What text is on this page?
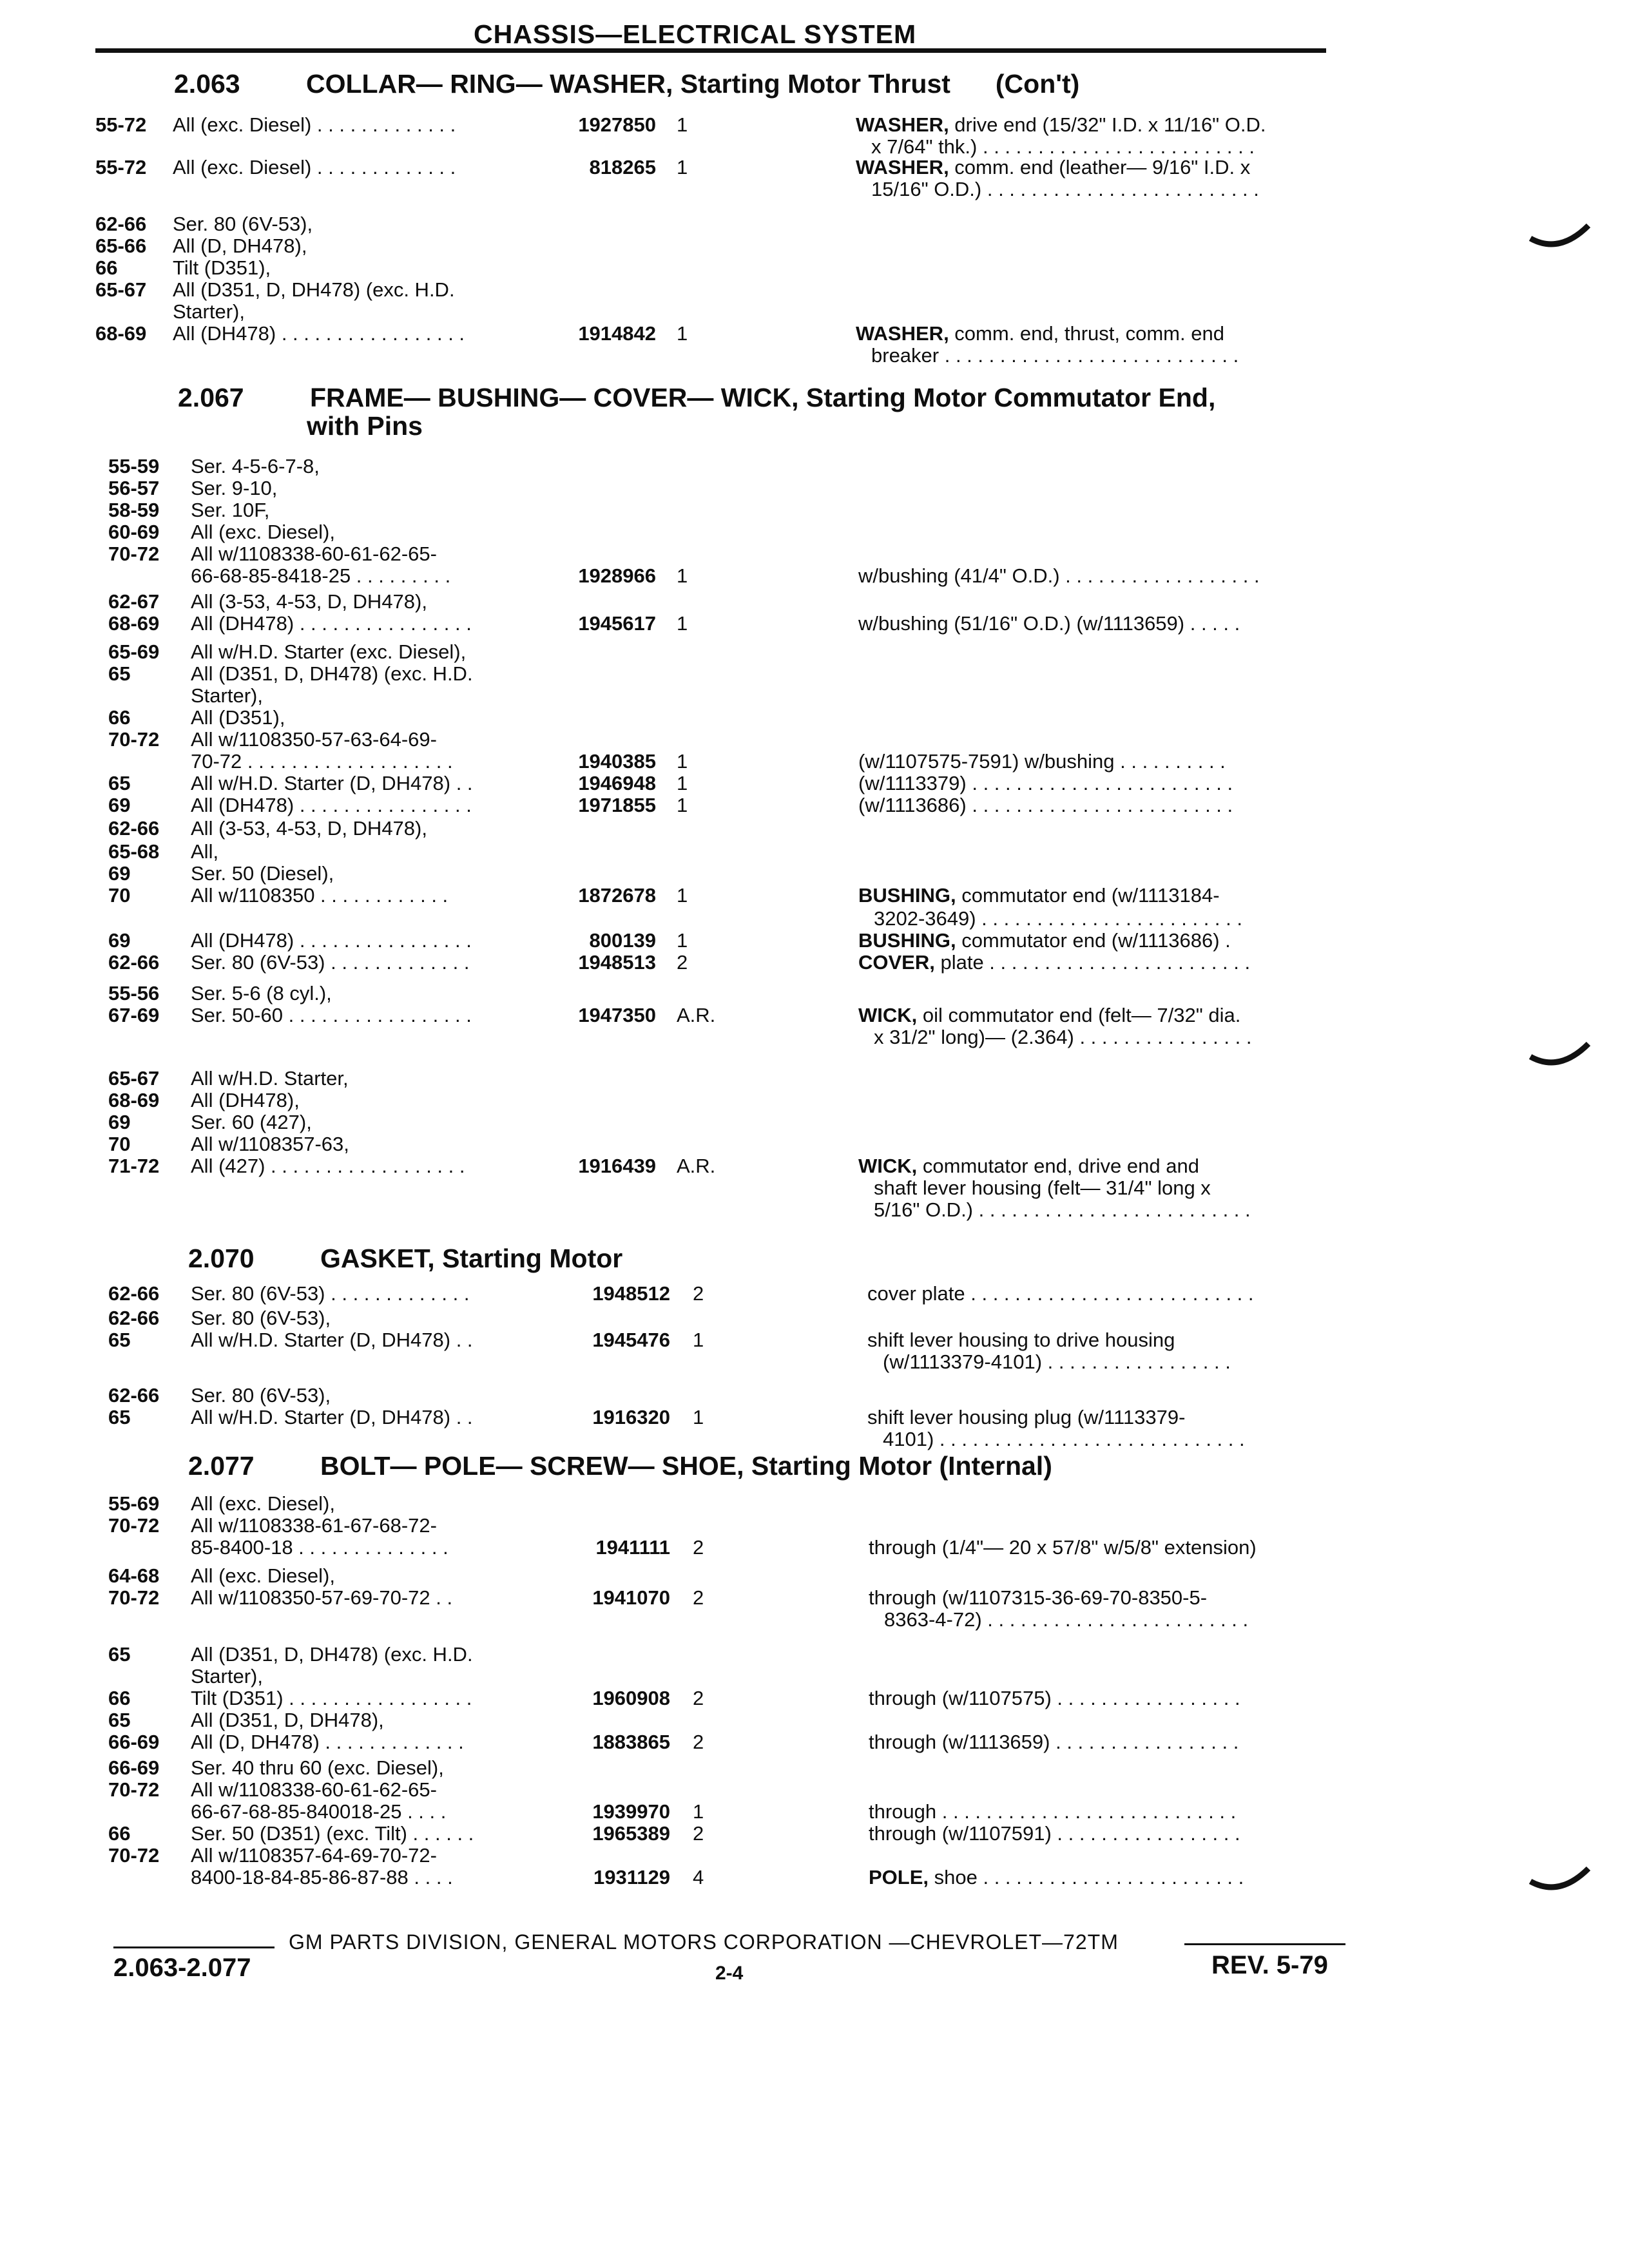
CHASSIS—ELECTRICAL SYSTEM
2.063 COLLAR— RING— WASHER, Starting Motor Thrust (Con't)
55-72 All (exc. Diesel) . . . . . . . . . . . . .	1927850 1	WASHER, drive end (15/32" I.D. x 11/16" O.D.
x 7/64" thk.) . . . . . . . . . . . . . . . . . . . . . . . . .
55-72 All (exc. Diesel) . . . . . . . . . . . . .	818265 1	WASHER, comm. end (leather— 9/16" I.D. x
15/16" O.D.) . . . . . . . . . . . . . . . . . . . . . . . . .
62-66 Ser. 80 (6V-53),
65-66 All (D, DH478),
66	Tilt (D351),
65-67 All (D351, D, DH478) (exc. H.D.
Starter),
68-69 All (DH478) . . . . . . . . . . . . . . . . .	1914842 1	WASHER, comm. end, thrust, comm. end
breaker . . . . . . . . . . . . . . . . . . . . . . . . . . .
2.067 FRAME— BUSHING— COVER— WICK, Starting Motor Commutator End,
with Pins
55-59 Ser. 4-5-6-7-8,
56-57 Ser. 9-10,
58-59 Ser. 10F,
60-69 All (exc. Diesel),
70-72 All w/1108338-60-61-62-65-
66-68-85-8418-25 . . . . . . . . .	1928966 1	w/bushing (41/4" O.D.) . . . . . . . . . . . . . . . . . .
62-67 All (3-53, 4-53, D, DH478),
68-69 All (DH478) . . . . . . . . . . . . . . . .	1945617 1	w/bushing (51/16" O.D.) (w/1113659) . . . . .
65-69 All w/H.D. Starter (exc. Diesel),
65	All (D351, D, DH478) (exc. H.D.
Starter),
66	All (D351),
70-72 All w/1108350-57-63-64-69-
70-72 . . . . . . . . . . . . . . . . . . .	1940385 1	(w/1107575-7591) w/bushing . . . . . . . . . .
65	All w/H.D. Starter (D, DH478) . .	1946948 1	(w/1113379) . . . . . . . . . . . . . . . . . . . . . . . .
69	All (DH478) . . . . . . . . . . . . . . . .	1971855 1	(w/1113686) . . . . . . . . . . . . . . . . . . . . . . . .
62-66 All (3-53, 4-53, D, DH478),
65-68 All,
69	Ser. 50 (Diesel),
70	All w/1108350 . . . . . . . . . . . .	1872678 1	BUSHING, commutator end (w/1113184-
3202-3649) . . . . . . . . . . . . . . . . . . . . . . . .
69	All (DH478) . . . . . . . . . . . . . . . .	800139 1	BUSHING, commutator end (w/1113686) .
62-66 Ser. 80 (6V-53) . . . . . . . . . . . . .	1948513 2	COVER, plate . . . . . . . . . . . . . . . . . . . . . . . .
55-56 Ser. 5-6 (8 cyl.),
67-69 Ser. 50-60 . . . . . . . . . . . . . . . . .	1947350 A.R.	WICK, oil commutator end (felt— 7/32" dia.
x 31/2" long)— (2.364) . . . . . . . . . . . . . . . .
65-67 All w/H.D. Starter,
68-69 All (DH478),
69	Ser. 60 (427),
70	All w/1108357-63,
71-72 All (427) . . . . . . . . . . . . . . . . . .	1916439 A.R.	WICK, commutator end, drive end and
shaft lever housing (felt— 31/4" long x
5/16" O.D.) . . . . . . . . . . . . . . . . . . . . . . . . .
2.070 GASKET, Starting Motor
62-66 Ser. 80 (6V-53) . . . . . . . . . . . . .	1948512 2	cover plate . . . . . . . . . . . . . . . . . . . . . . . . . .
62-66 Ser. 80 (6V-53),
65	All w/H.D. Starter (D, DH478) . .	1945476 1	shift lever housing to drive housing
(w/1113379-4101) . . . . . . . . . . . . . . . . .
62-66 Ser. 80 (6V-53),
65	All w/H.D. Starter (D, DH478) . .	1916320 1	shift lever housing plug (w/1113379-
4101) . . . . . . . . . . . . . . . . . . . . . . . . . . . .
2.077 BOLT— POLE— SCREW— SHOE, Starting Motor (Internal)
55-69 All (exc. Diesel),
70-72 All w/1108338-61-67-68-72-
85-8400-18 . . . . . . . . . . . . . .	1941111 2	through (1/4"— 20 x 57/8" w/5/8" extension)
64-68 All (exc. Diesel),
70-72 All w/1108350-57-69-70-72 . .	1941070 2	through (w/1107315-36-69-70-8350-5-
8363-4-72) . . . . . . . . . . . . . . . . . . . . . . . .
65	All (D351, D, DH478) (exc. H.D.
Starter),
66	Tilt (D351) . . . . . . . . . . . . . . . . .	1960908 2	through (w/1107575) . . . . . . . . . . . . . . . . .
65	All (D351, D, DH478),
66-69 All (D, DH478) . . . . . . . . . . . . .	1883865 2	through (w/1113659) . . . . . . . . . . . . . . . . .
66-69 Ser. 40 thru 60 (exc. Diesel),
70-72 All w/1108338-60-61-62-65-
66-67-68-85-840018-25 . . . .	1939970 1	through . . . . . . . . . . . . . . . . . . . . . . . . . . .
66	Ser. 50 (D351) (exc. Tilt) . . . . . .	1965389 2	through (w/1107591) . . . . . . . . . . . . . . . . .
70-72 All w/1108357-64-69-70-72-
8400-18-84-85-86-87-88 . . . .	1931129 4	POLE, shoe . . . . . . . . . . . . . . . . . . . . . . . .
GM PARTS DIVISION, GENERAL MOTORS CORPORATION —CHEVROLET—72TM
2.063-2.077	2-4	REV. 5-79
